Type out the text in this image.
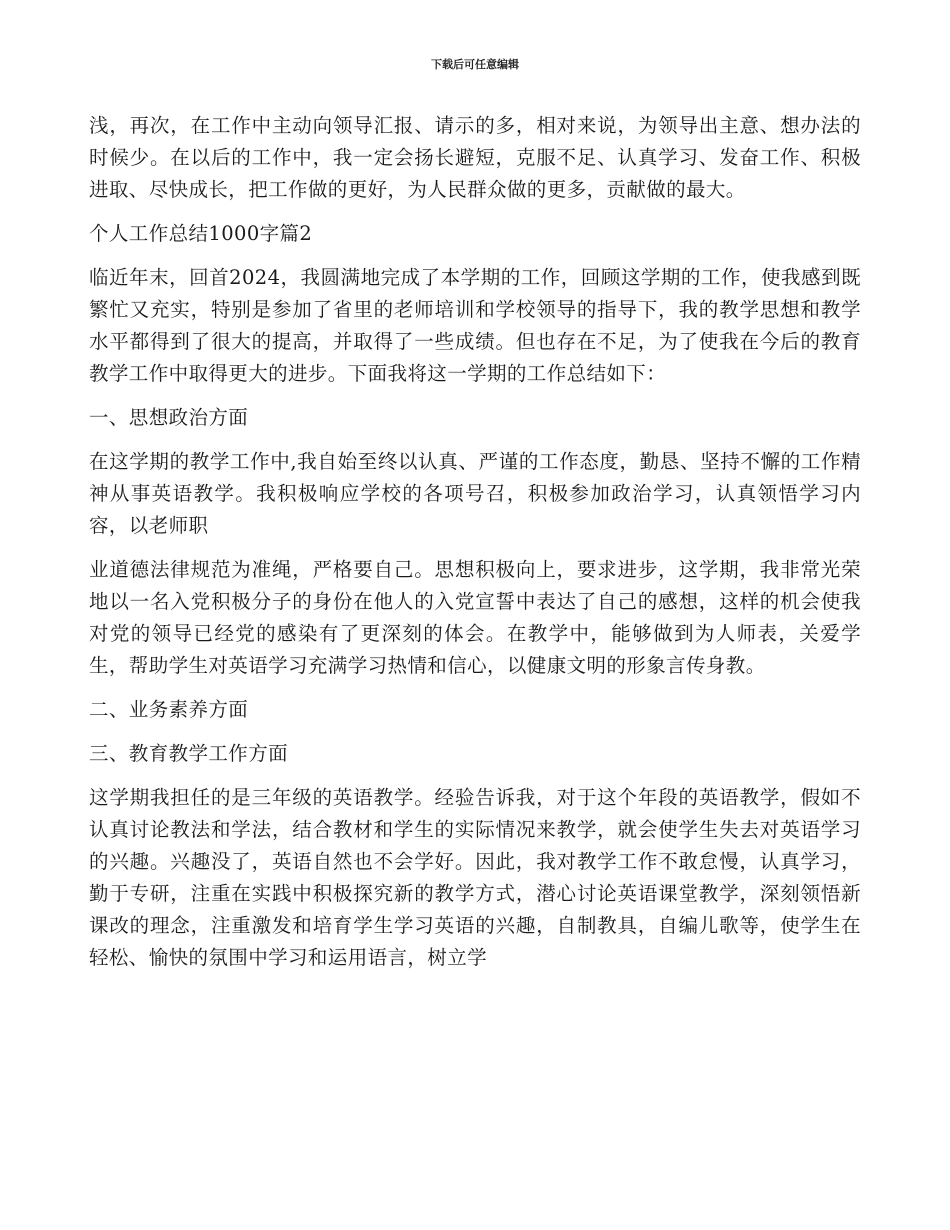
下载后可任意编辑

浅，再次，在工作中主动向领导汇报、请示的多，相对来说，为领导出主意、想办法的时候少。在以后的工作中，我一定会扬长避短，克服不足、认真学习、发奋工作、积极进取、尽快成长，把工作做的更好，为人民群众做的更多，贡献做的最大。

个人工作总结1000字篇2

临近年末，回首2024，我圆满地完成了本学期的工作，回顾这学期的工作，使我感到既繁忙又充实，特别是参加了省里的老师培训和学校领导的指导下，我的教学思想和教学水平都得到了很大的提高，并取得了一些成绩。但也存在不足，为了使我在今后的教育教学工作中取得更大的进步。下面我将这一学期的工作总结如下：

一、思想政治方面

在这学期的教学工作中,我自始至终以认真、严谨的工作态度，勤恳、坚持不懈的工作精神从事英语教学。我积极响应学校的各项号召，积极参加政治学习，认真领悟学习内容，以老师职

业道德法律规范为准绳，严格要自己。思想积极向上，要求进步，这学期，我非常光荣地以一名入党积极分子的身份在他人的入党宣誓中表达了自己的感想，这样的机会使我对党的领导已经党的感染有了更深刻的体会。在教学中，能够做到为人师表，关爱学生，帮助学生对英语学习充满学习热情和信心，以健康文明的形象言传身教。

二、业务素养方面

三、教育教学工作方面

这学期我担任的是三年级的英语教学。经验告诉我，对于这个年段的英语教学，假如不认真讨论教法和学法，结合教材和学生的实际情况来教学，就会使学生失去对英语学习的兴趣。兴趣没了，英语自然也不会学好。因此，我对教学工作不敢怠慢，认真学习，勤于专研，注重在实践中积极探究新的教学方式，潜心讨论英语课堂教学，深刻领悟新课改的理念，注重激发和培育学生学习英语的兴趣，自制教具，自编儿歌等，使学生在轻松、愉快的氛围中学习和运用语言，树立学
